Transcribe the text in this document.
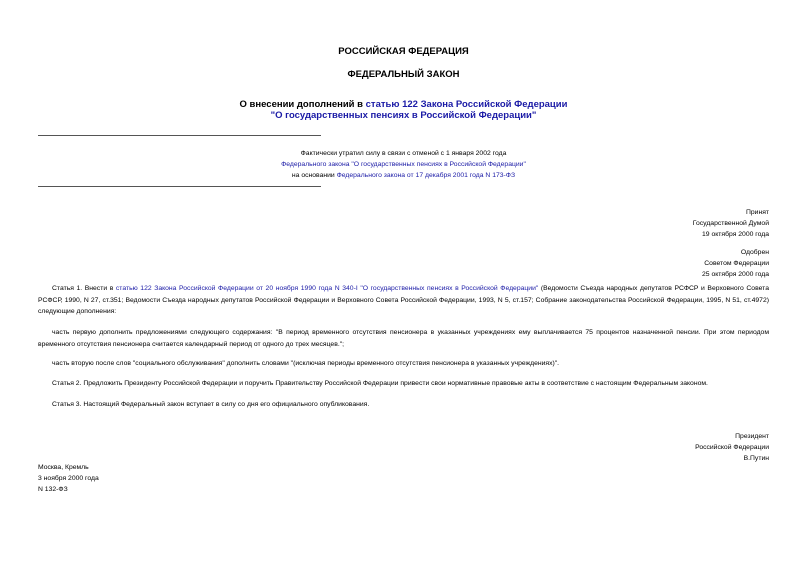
РОССИЙСКАЯ ФЕДЕРАЦИЯ
ФЕДЕРАЛЬНЫЙ ЗАКОН
О внесении дополнений в статью 122 Закона Российской Федерации
"О государственных пенсиях в Российской Федерации"
Фактически утратил силу в связи с отменой с 1 января 2002 года
Федерального закона "О государственных пенсиях в Российской Федерации"
на основании Федерального закона от 17 декабря 2001 года N 173-ФЗ
Принят
Государственной Думой
19 октября 2000 года
Одобрен
Советом Федерации
25 октября 2000 года
Статья 1. Внести в статью 122 Закона Российской Федерации от 20 ноября 1990 года N 340-I "О государственных пенсиях в Российской Федерации" (Ведомости Съезда народных депутатов РСФСР и Верховного Совета РСФСР, 1990, N 27, ст.351; Ведомости Съезда народных депутатов Российской Федерации и Верховного Совета Российской Федерации, 1993, N 5, ст.157; Собрание законодательства Российской Федерации, 1995, N 51, ст.4972) следующие дополнения:
часть первую дополнить предложениями следующего содержания: "В период временного отсутствия пенсионера в указанных учреждениях ему выплачивается 75 процентов назначенной пенсии. При этом периодом временного отсутствия пенсионера считается календарный период от одного до трех месяцев.";
часть вторую после слов "социального обслуживания" дополнить словами "(исключая периоды временного отсутствия пенсионера в указанных учреждениях)".
Статья 2. Предложить Президенту Российской Федерации и поручить Правительству Российской Федерации привести свои нормативные правовые акты в соответствие с настоящим Федеральным законом.
Статья 3. Настоящий Федеральный закон вступает в силу со дня его официального опубликования.
Президент
Российской Федерации
В.Путин
Москва, Кремль
3 ноября 2000 года
N 132-ФЗ
